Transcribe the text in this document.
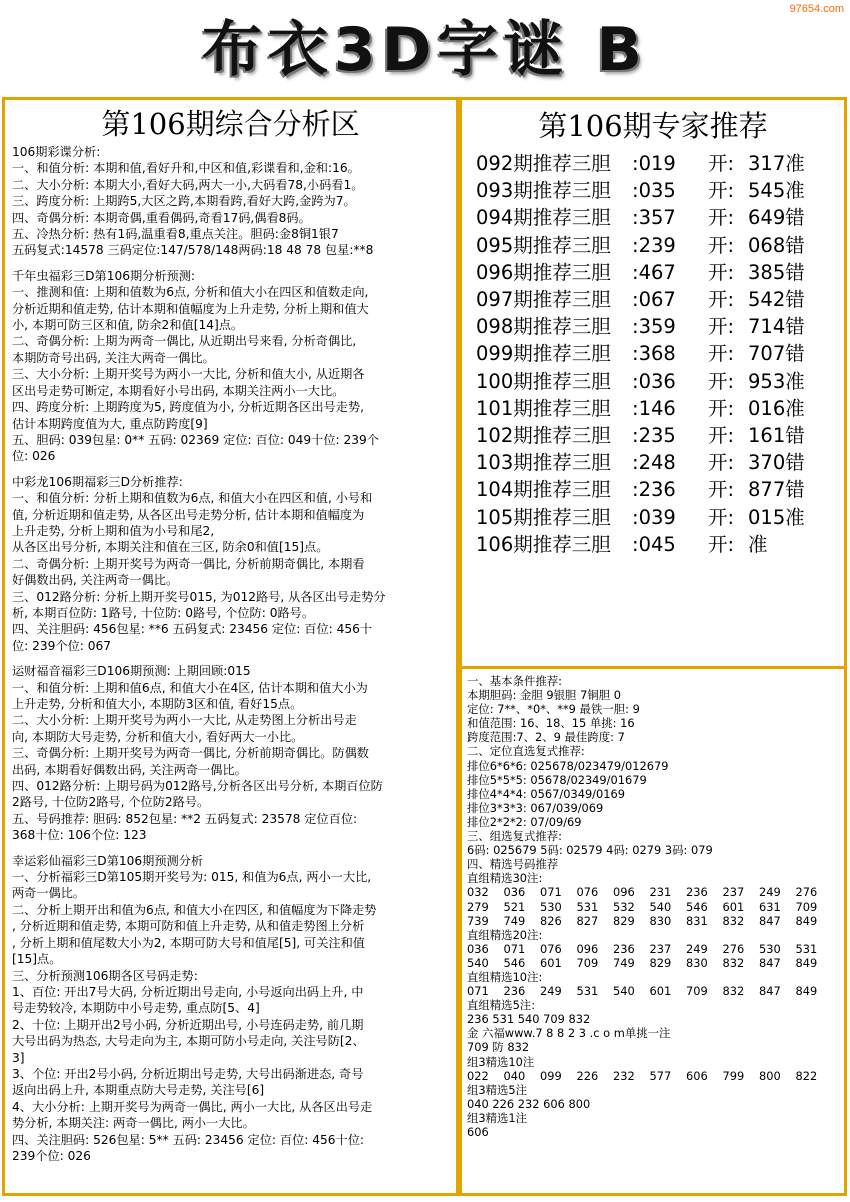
97654.com
布衣3D字谜 B
第106期综合分析区	第106期专家推荐
106期彩谍分析:
一、和值分析: 本期和值,看好升和,中区和值,彩谍看和,金和:16。
二、大小分析: 本期大小,看好大码,两大一小,大码看78,小码看1。
三、跨度分析: 上期跨5,大区之跨,本期看跨,看好大跨,金跨为7。
四、奇偶分析: 本期奇偶,重看偶码,奇看17码,偶看8码。
五、冷热分析: 热有1码,温重看8,重点关注。胆码:金8铜1银7
五码复式:14578 三码定位:147/578/148两码:18 48 78 包星:**8
千年虫福彩三D第106期分析预测:
一、推测和值: 上期和值数为6点, 分析和值大小在四区和值数走向,
分析近期和值走势, 估计本期和值幅度为上升走势, 分析上期和值大
小, 本期可防三区和值, 防余2和值[14]点。
二、奇偶分析: 上期为两奇一偶比, 从近期出号来看, 分析奇偶比,
本期防奇号出码, 关注大两奇一偶比。
三、大小分析: 上期开奖号为两小一大比, 分析和值大小, 从近期各
区出号走势可断定, 本期看好小号出码, 本期关注两小一大比。
四、跨度分析: 上期跨度为5, 跨度值为小, 分析近期各区出号走势,
估计本期跨度值为大, 重点防跨度[9]
五、胆码: 039包星: 0** 五码: 02369 定位: 百位: 049十位: 239个
位: 026
中彩龙106期福彩三D分析推荐:
一、和值分析: 分析上期和值数为6点, 和值大小在四区和值, 小号和
值, 分析近期和值走势, 从各区出号走势分析, 估计本期和值幅度为
上升走势, 分析上期和值为小号和尾2,
从各区出号分析, 本期关注和值在三区, 防余0和值[15]点。
二、奇偶分析: 上期开奖号为两奇一偶比, 分析前期奇偶比, 本期看
好偶数出码, 关注两奇一偶比。
三、012路分析: 分析上期开奖号015, 为012路号, 从各区出号走势分
析, 本期百位防: 1路号, 十位防: 0路号, 个位防: 0路号。
四、关注胆码: 456包星: **6 五码复式: 23456 定位: 百位: 456十
位: 239个位: 067
运财福音福彩三D106期预测: 上期回顾:015
一、和值分析: 上期和值6点, 和值大小在4区, 估计本期和值大小为
上升走势, 分析和值大小, 本期防3区和值, 看好15点。
二、大小分析: 上期开奖号为两小一大比, 从走势图上分析出号走
向, 本期防大号走势, 分析和值大小, 看好两大一小比。
三、奇偶分析: 上期开奖号为两奇一偶比, 分析前期奇偶比。防偶数
出码, 本期看好偶数出码, 关注两奇一偶比。
四、012路分析: 上期号码为012路号,分析各区出号分析, 本期百位防
2路号, 十位防2路号, 个位防2路号。
五、号码推荐: 胆码: 852包星: **2 五码复式: 23578 定位百位:
368十位: 106个位: 123
幸运彩仙福彩三D第106期预测分析
一、分析福彩三D第105期开奖号为: 015, 和值为6点, 两小一大比,
两奇一偶比。
二、分析上期开出和值为6点, 和值大小在四区, 和值幅度为下降走势
, 分析近期和值走势, 本期可防和值上升走势, 从和值走势图上分析
, 分析上期和值尾数大小为2, 本期可防大号和值尾[5], 可关注和值
[15]点。
三、分析预测106期各区号码走势:
1、百位: 开出7号大码, 分析近期出号走向, 小号返向出码上升, 中
号走势较冷, 本期防中小号走势, 重点防[5、4]
2、十位: 上期开出2号小码, 分析近期出号, 小号连码走势, 前几期
大号出码为热态, 大号走向为主, 本期可防小号走向, 关注号防[2、
3]
3、个位: 开出2号小码, 分析近期出号走势, 大号出码渐进态, 奇号
返向出码上升, 本期重点防大号走势, 关注号[6]
4、大小分析: 上期开奖号为两奇一偶比, 两小一大比, 从各区出号走
势分析, 本期关注: 两奇一偶比, 两小一大比。
四、关注胆码: 526包星: 5** 五码: 23456 定位: 百位: 456十位:
239个位: 026
092期推荐三胆	:019	开: 317准
093期推荐三胆	:035	开: 545准
094期推荐三胆	:357	开: 649错
095期推荐三胆	:239	开: 068错
096期推荐三胆	:467	开: 385错
097期推荐三胆	:067	开: 542错
098期推荐三胆	:359	开: 714错
099期推荐三胆	:368	开: 707错
100期推荐三胆	:036	开: 953准
101期推荐三胆	:146	开: 016准
102期推荐三胆	:235	开: 161错
103期推荐三胆	:248	开: 370错
104期推荐三胆	:236	开: 877错
105期推荐三胆	:039	开: 015准
106期推荐三胆	:045	开: 准
一、基本条件推荐:
本期胆码: 金胆 9银胆 7铜胆 0
定位: 7**、*0*、**9 最铁一胆: 9
和值范围: 16、18、15 单挑: 16
跨度范围:7、2、9 最佳跨度: 7
二、定位直选复式推荐:
排位6*6*6: 025678/023479/012679
排位5*5*5: 05678/02349/01679
排位4*4*4: 0567/0349/0169
排位3*3*3: 067/039/069
排位2*2*2: 07/09/69
三、组选复式推荐:
6码: 025679 5码: 02579 4码: 0279 3码: 079
四、精选号码推荐
直组精选30注:
032	036	071	076	096	231	236	237	249	276
279	521	530	531	532	540	546	601	631	709
739	749	826	827	829	830	831	832	847	849
直组精选20注:
036	071	076	096	236	237	249	276	530	531
540	546	601	709	749	829	830	832	847	849
直组精选10注:
071	236	249	531	540	601	709	832	847	849
直组精选5注:
236 531 540 709 832
金 六福www.7 8 8 2 3 .c o m单挑一注
709 防 832
组3精选10注
022	040	099	226	232	577	606	799	800	822
组3精选5注
040 226 232 606 800
组3精选1注
606
